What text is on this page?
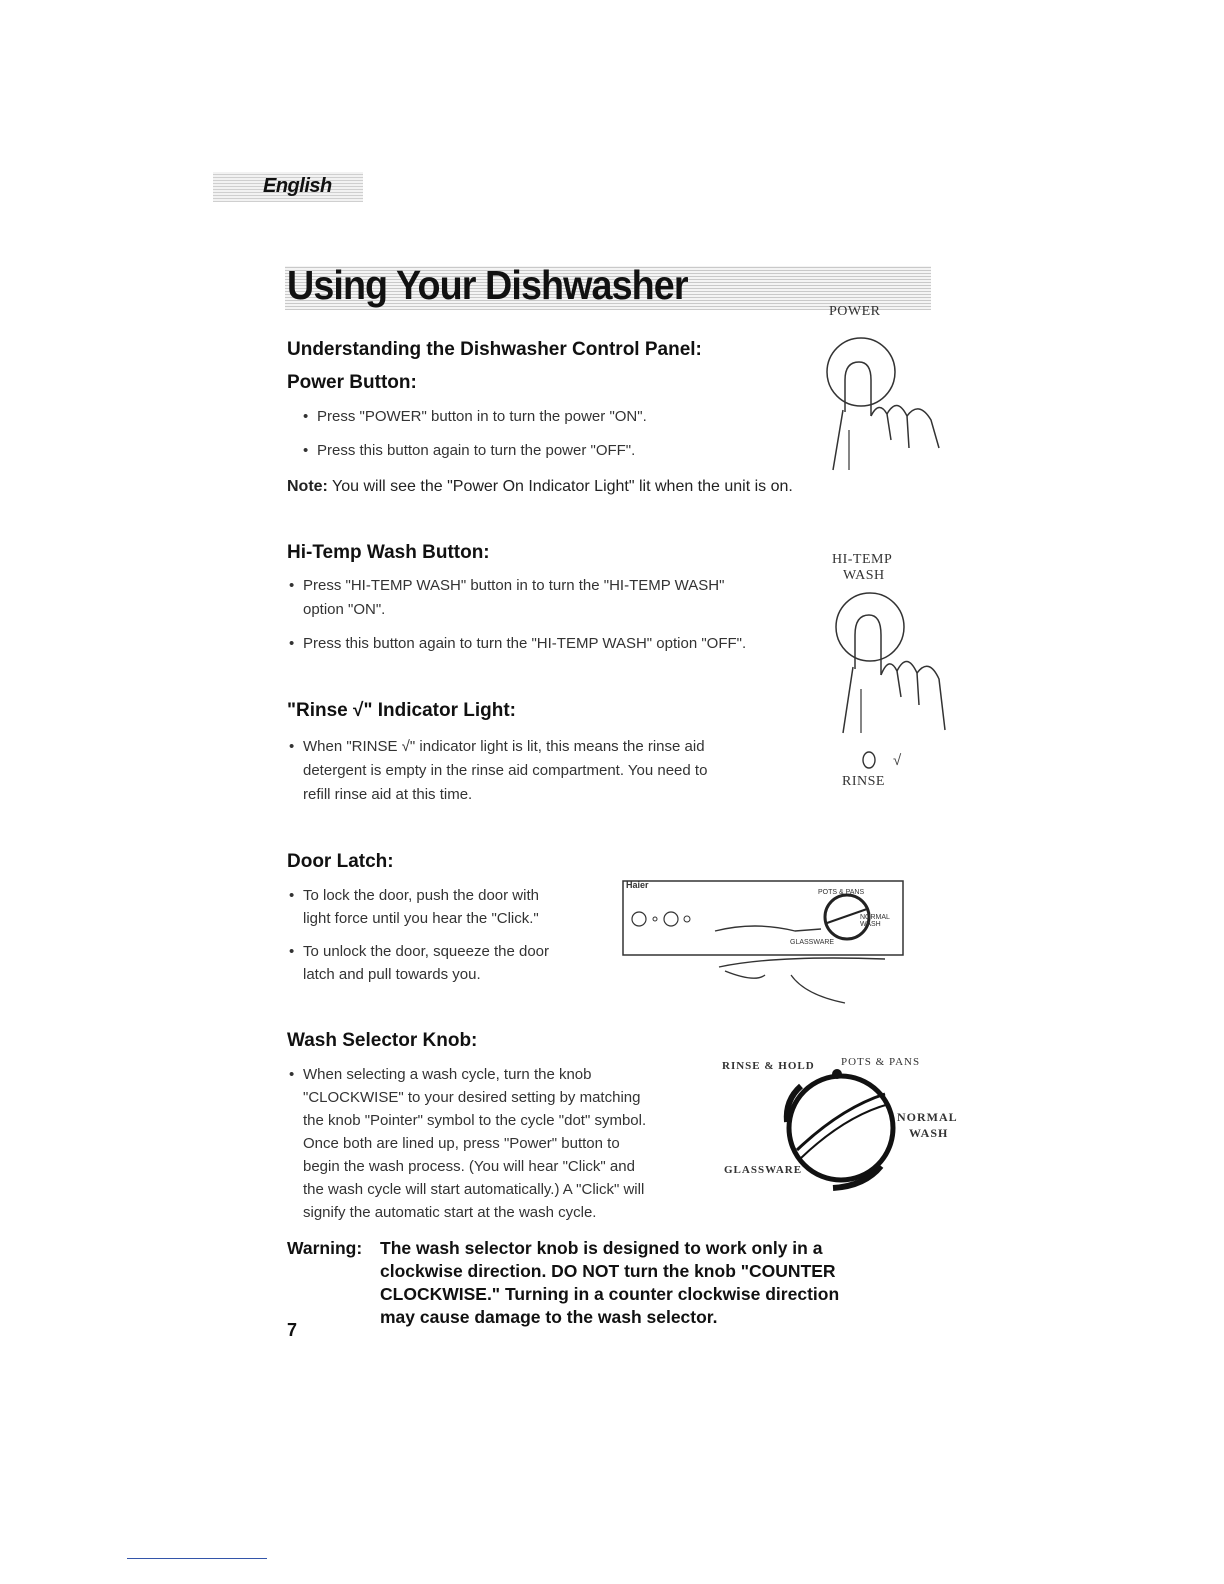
English
Using Your Dishwasher
Understanding the Dishwasher Control Panel:
Power Button:
• Press "POWER" button in to turn the power "ON".
• Press this button again to turn the power "OFF".
Note: You will see the "Power On Indicator Light" lit when the unit is on.
POWER
Hi-Temp Wash Button:
• Press "HI-TEMP WASH" button in to turn the "HI-TEMP WASH"
option "ON".
• Press this button again to turn the "HI-TEMP WASH" option "OFF".
HI-TEMP
WASH
"Rinse √" Indicator Light:
• When "RINSE √" indicator light is lit, this means the rinse aid
detergent is empty in the rinse aid compartment. You need to
refill rinse aid at this time.
√
RINSE
Door Latch:
• To lock the door, push the door with
light force until you hear the "Click."
• To unlock the door, squeeze the door
latch and pull towards you.
Haier
POTS & PANS
NORMAL WASH
GLASSWARE
Wash Selector Knob:
• When selecting a wash cycle, turn the knob
"CLOCKWISE" to your desired setting by matching
the knob "Pointer" symbol to the cycle "dot" symbol.
Once both are lined up, press "Power" button to
begin the wash process. (You will hear "Click" and
the wash cycle will start automatically.) A "Click" will
signify the automatic start at the wash cycle.
RINSE & HOLD POTS & PANS
NORMAL
WASH
GLASSWARE
Warning: The wash selector knob is designed to work only in a
clockwise direction. DO NOT turn the knob "COUNTER
CLOCKWISE." Turning in a counter clockwise direction
may cause damage to the wash selector.
7
